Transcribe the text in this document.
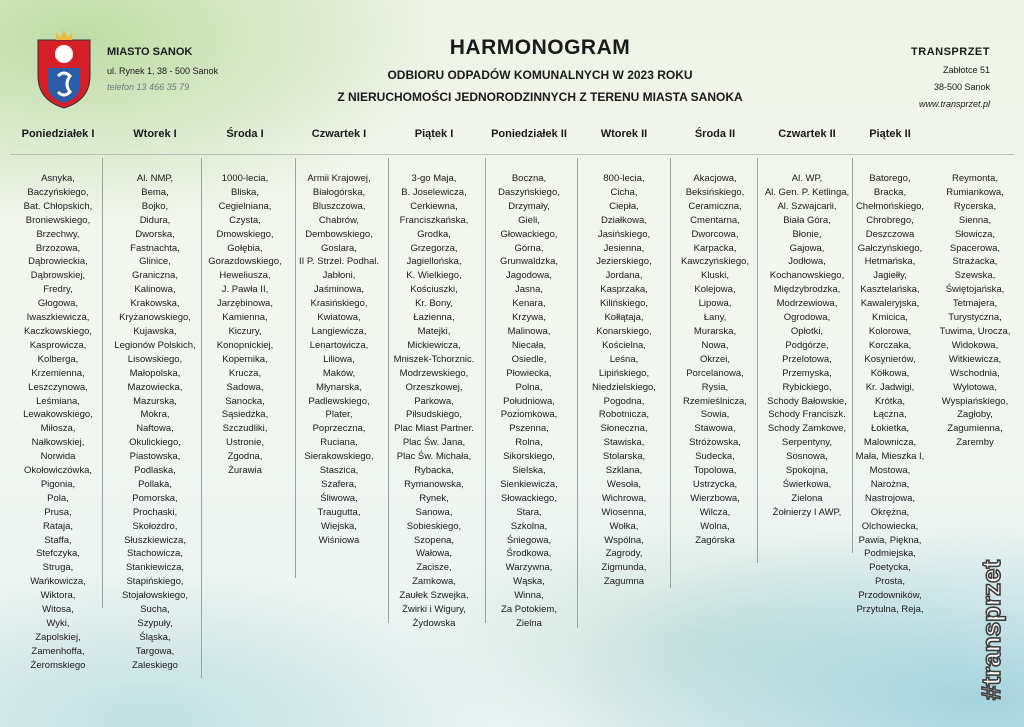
MIASTO SANOK
ul. Rynek 1, 38 - 500 Sanok
telefon 13 466 35 79
HARMONOGRAM
ODBIORU ODPADÓW KOMUNALNYCH W 2023 ROKU
Z NIERUCHOMOŚCI JEDNORODZINNYCH Z TERENU MIASTA SANOKA
TRANSPRZET
Zabłotce 51
38-500 Sanok
www.transprzet.pl
Poniedziałek I
Asnyka,
Baczyńskiego,
Bat. Chłopskich,
Broniewskiego,
Brzechwy,
Brzozowa,
Dąbrowieckia,
Dąbrowskiej,
Fredry,
Głogowa,
Iwaszkiewicza,
Kaczkowskiego,
Kasprowicza,
Kolberga,
Krzemienna,
Leszczynowa,
Leśmiana,
Lewakowskiego,
Miłosza,
Nałkowskiej,
Norwida
Okołowiczówka,
Pigonia,
Pola,
Prusa,
Rataja,
Staffa,
Stefczyka,
Struga,
Wańkowicza,
Wiktora,
Witosa,
Wyki,
Zapolskiej,
Zamenhoffa,
Żeromskiego
Wtorek I
Al. NMP,
Bema,
Bojko,
Didura,
Dworska,
Fastnachta,
Glinice,
Graniczna,
Kalinowa,
Krakowska,
Kryżanowskiego,
Kujawska,
Legionów Polskich,
Lisowskiego,
Małopolska,
Mazowiecka,
Mazurska,
Mokra,
Naftowa,
Okulickiego,
Piastowska,
Podlaska,
Pollaka,
Pomorska,
Prochaski,
Skołozdro,
Słuszkiewicza,
Stachowicza,
Stankiewicza,
Stapińskiego,
Stojałowskiego,
Sucha,
Szypuły,
Śląska,
Targowa,
Zaleskiego
Środa I
1000-lecia,
Bliska,
Cegielniana,
Czysta,
Dmowskiego,
Gołębia,
Gorazdowskiego,
Heweliusza,
J. Pawła II,
Jarzębinowa,
Kamienna,
Kiczury,
Konopnickiej,
Kopernika,
Krucza,
Sadowa,
Sanocka,
Sąsiedzka,
Szczudliki,
Ustronie,
Zgodna,
Żurawia
Czwartek I
Armii Krajowej,
Białogórska,
Bluszczowa,
Chabrów,
Dembowskiego,
Goslara,
II P. Strzel. Podhal.
Jabłoni,
Jaśminowa,
Krasińskiego,
Kwiatowa,
Langiewicza,
Lenartowicza,
Liliowa,
Maków,
Młynarska,
Padlewskiego,
Plater,
Poprzeczna,
Ruciana,
Sierakowskiego,
Staszica,
Szafera,
Śliwowa,
Traugutta,
Wiejska,
Wiśniowa
Piątek I
3-go Maja,
B. Joselewicza,
Cerkiewna,
Franciszkańska,
Grodka,
Grzegorza,
Jagiellońska,
K. Wielkiego,
Kościuszki,
Kr. Bony,
Łazienna,
Matejki,
Mickiewicza,
Mniszek-Tchorznic.
Modrzewskiego,
Orzeszkowej,
Parkowa,
Piłsudskiego,
Plac Miast Partner.
Plac Św. Jana,
Plac Św. Michała,
Rybacka,
Rymanowska,
Rynek,
Sanowa,
Sobieskiego,
Szopena,
Wałowa,
Zacisze,
Zamkowa,
Zaułek Szwejka,
Żwirki i Wigury,
Żydowska
Poniedziałek II
Boczna,
Daszyńskiego,
Drzymały,
Gieli,
Głowackiego,
Górna,
Grunwaldzka,
Jagodowa,
Jasna,
Kenara,
Krzywa,
Malinowa,
Niecała,
Osiedle,
Płowiecka,
Polna,
Południowa,
Poziomkowa,
Pszenna,
Rolna,
Sikorskiego,
Sielska,
Sienkiewicza,
Słowackiego,
Stara,
Szkolna,
Śniegowa,
Środkowa,
Warzywna,
Wąska,
Winna,
Za Potokiem,
Zielna
Wtorek II
800-lecia,
Cicha,
Ciepła,
Działkowa,
Jasińskiego,
Jesienna,
Jezierskiego,
Jordana,
Kasprzaka,
Kilińskiego,
Kołłątaja,
Konarskiego,
Kościelna,
Leśna,
Lipińskiego,
Niedzielskiego,
Pogodna,
Robotnicza,
Słoneczna,
Stawiska,
Stolarska,
Szklana,
Wesoła,
Wichrowa,
Wiosenna,
Wołka,
Wspólna,
Zagrody,
Zigmunda,
Zagumna
Środa II
Akacjowa,
Beksińskiego,
Ceramiczna,
Cmentarna,
Dworcowa,
Karpacka,
Kawczyńskiego,
Kluski,
Kolejowa,
Lipowa,
Łany,
Murarska,
Nowa,
Okrzei,
Porcelanowa,
Rysia,
Rzemieślnicza,
Sowia,
Stawowa,
Stróżowska,
Sudecka,
Topolowa,
Ustrzycka,
Wierzbowa,
Wilcza,
Wolna,
Zagórska
Czwartek II
Al. WP,
Al. Gen. P. Ketlinga,
Al. Szwajcarii,
Biała Góra,
Błonie,
Gajowa,
Jodłowa,
Kochanowskiego,
Międzybrodzka,
Modrzewiowa,
Ogrodowa,
Opłotki,
Podgórze,
Przelotowa,
Przemyska,
Rybickiego,
Schody Bałowskie,
Schody Franciszk.
Schody Zamkowe,
Serpentyny,
Sosnowa,
Spokojna,
Świerkowa,
Zielona
Żołnierzy I AWP,
Piątek II
Batorego,
Bracka,
Chełmońskiego,
Chrobrego,
Deszczowa
Gałczyńskiego,
Hetmańska,
Jagiełły,
Kasztelańska,
Kawaleryjska,
Kmicica,
Kolorowa,
Korczaka,
Kosynierów,
Kółkowa,
Kr. Jadwigi,
Krótka,
Łączna,
Łokietka,
Malownicza,
Mała, Mieszka I,
Mostowa,
Narożna,
Nastrojowa,
Okrężna,
Olchowiecka,
Pawia, Piękna,
Podmiejska,
Poetycka, Prosta,
Przodowników,
Przytulna, Reja,
Reymonta,
Rumiankowa,
Rycerska,
Sienna,
Słowicza,
Spacerowa,
Strażacka,
Szewska,
Świętojańska,
Tetmajera,
Turystyczna,
Tuwima, Urocza,
Widokowa,
Witkiewicza,
Wschodnia,
Wylotowa,
Wyspiańskiego,
Zagłoby,
Zagumienna,
Zaremby
#transprzet
